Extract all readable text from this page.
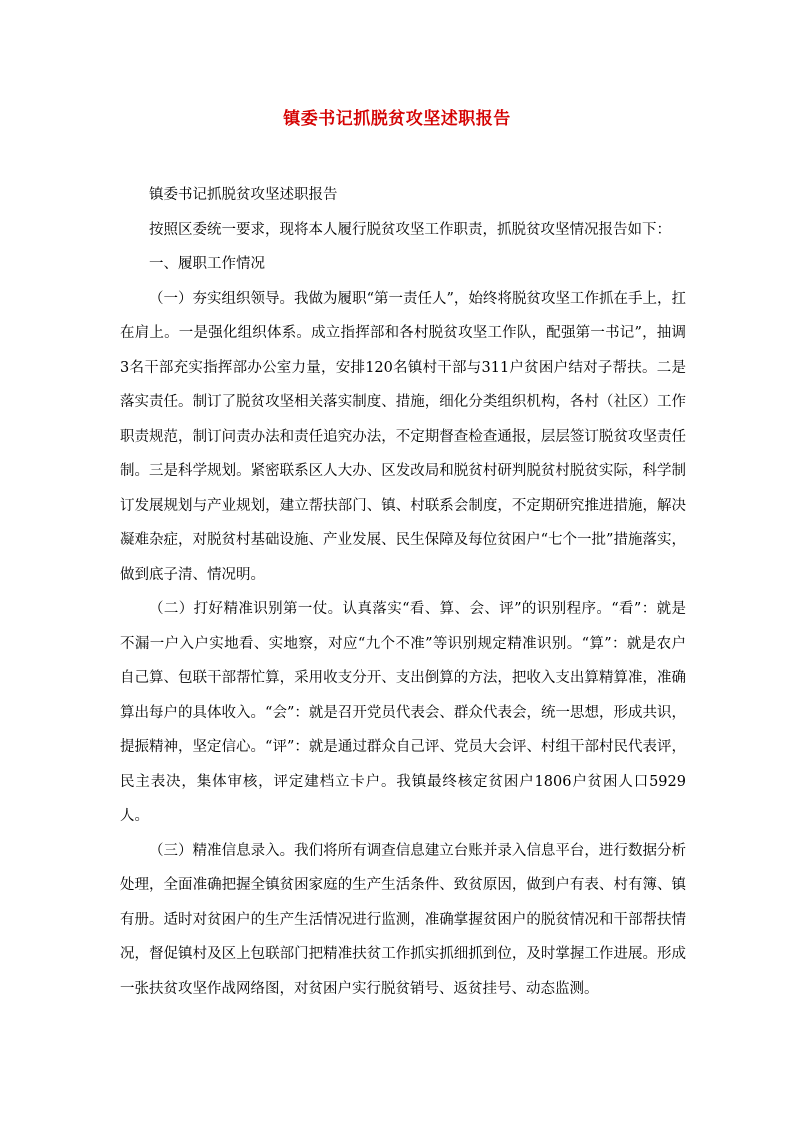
镇委书记抓脱贫攻坚述职报告

镇委书记抓脱贫攻坚述职报告

按照区委统一要求，现将本人履行脱贫攻坚工作职责，抓脱贫攻坚情况报告如下：

一、履职工作情况

（一）夯实组织领导。我做为履职“第一责任人”，始终将脱贫攻坚工作抓在手上，扛在肩上。一是强化组织体系。成立指挥部和各村脱贫攻坚工作队，配强第一书记”，抽调3名干部充实指挥部办公室力量，安排120名镇村干部与311户贫困户结对子帮扶。二是落实责任。制订了脱贫攻坚相关落实制度、措施，细化分类组织机构，各村（社区）工作职责规范，制订问责办法和责任追究办法，不定期督查检查通报，层层签订脱贫攻坚责任制。三是科学规划。紧密联系区人大办、区发改局和脱贫村研判脱贫村脱贫实际，科学制订发展规划与产业规划，建立帮扶部门、镇、村联系会制度，不定期研究推进措施，解决凝难杂症，对脱贫村基础设施、产业发展、民生保障及每位贫困户“七个一批”措施落实，做到底子清、情况明。

（二）打好精准识别第一仗。认真落实“看、算、会、评”的识别程序。“看”：就是不漏一户入户实地看、实地察，对应“九个不准”等识别规定精准识别。“算”：就是农户自己算、包联干部帮忙算，采用收支分开、支出倒算的方法，把收入支出算精算准，准确算出每户的具体收入。“会”：就是召开党员代表会、群众代表会，统一思想，形成共识，提振精神，坚定信心。“评”：就是通过群众自己评、党员大会评、村组干部村民代表评，民主表决，集体审核，评定建档立卡户。我镇最终核定贫困户1806户贫困人口5929人。

（三）精准信息录入。我们将所有调查信息建立台账并录入信息平台，进行数据分析处理，全面准确把握全镇贫困家庭的生产生活条件、致贫原因，做到户有表、村有簿、镇有册。适时对贫困户的生产生活情况进行监测，准确掌握贫困户的脱贫情况和干部帮扶情况，督促镇村及区上包联部门把精准扶贫工作抓实抓细抓到位，及时掌握工作进展。形成一张扶贫攻坚作战网络图，对贫困户实行脱贫销号、返贫挂号、动态监测。
